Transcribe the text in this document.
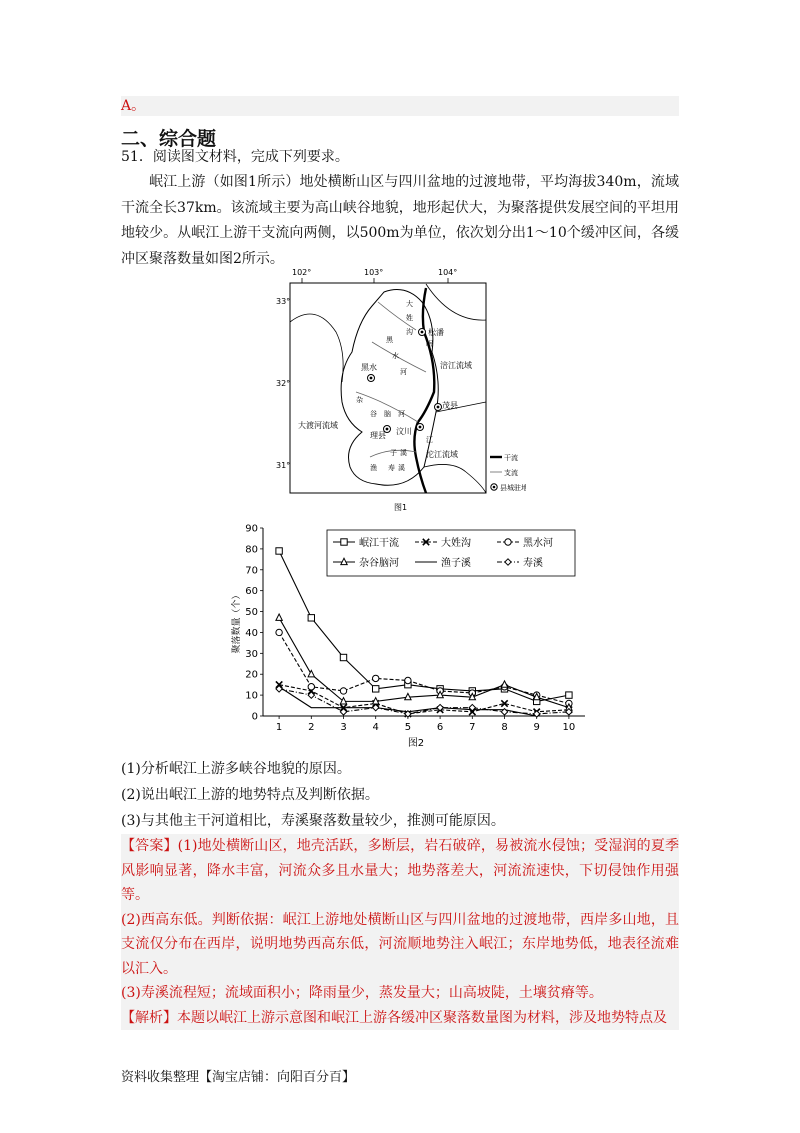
A。
二、综合题
51．阅读图文材料，完成下列要求。
岷江上游（如图1所示）地处横断山区与四川盆地的过渡地带，平均海拔340m，流域干流全长37km。该流域主要为高山峡谷地貌，地形起伏大，为聚落提供发展空间的平坦用地较少。从岷江上游干支流向两侧，以500m为单位，依次划分出1～10个缓冲区间，各缓冲区聚落数量如图2所示。
102°	103°	104°
33°
32°
31°
松潘
黑水
茂县
汶川
理县
大
姓
沟
黑
水
河
杂
谷 脑 河
岷
江
子 溪
寿 溪
渔
涪江流域
大渡河流域
沱江流域	干流
支流
县城驻地
图1
0
10
20
30
40
50
60
70
80
90
1	2	3	4	5	6	7	8	9 10
聚落数量（个）
图2
岷江干流	大姓沟	黑水河
杂谷脑河	渔子溪	寿溪
(1)分析岷江上游多峡谷地貌的原因。
(2)说出岷江上游的地势特点及判断依据。
(3)与其他主干河道相比，寿溪聚落数量较少，推测可能原因。

【答案】(1)地处横断山区，地壳活跃，多断层，岩石破碎，易被流水侵蚀；受湿润的夏季风影响显著，降水丰富，河流众多且水量大；地势落差大，河流流速快，下切侵蚀作用强等。

(2)西高东低。判断依据：岷江上游地处横断山区与四川盆地的过渡地带，西岸多山地，且支流仅分布在西岸，说明地势西高东低，河流顺地势注入岷江；东岸地势低，地表径流难以汇入。

(3)寿溪流程短；流域面积小；降雨量少，蒸发量大；山高坡陡，土壤贫瘠等。

【解析】本题以岷江上游示意图和岷江上游各缓冲区聚落数量图为材料，涉及地势特点及

资料收集整理【淘宝店铺：向阳百分百】
